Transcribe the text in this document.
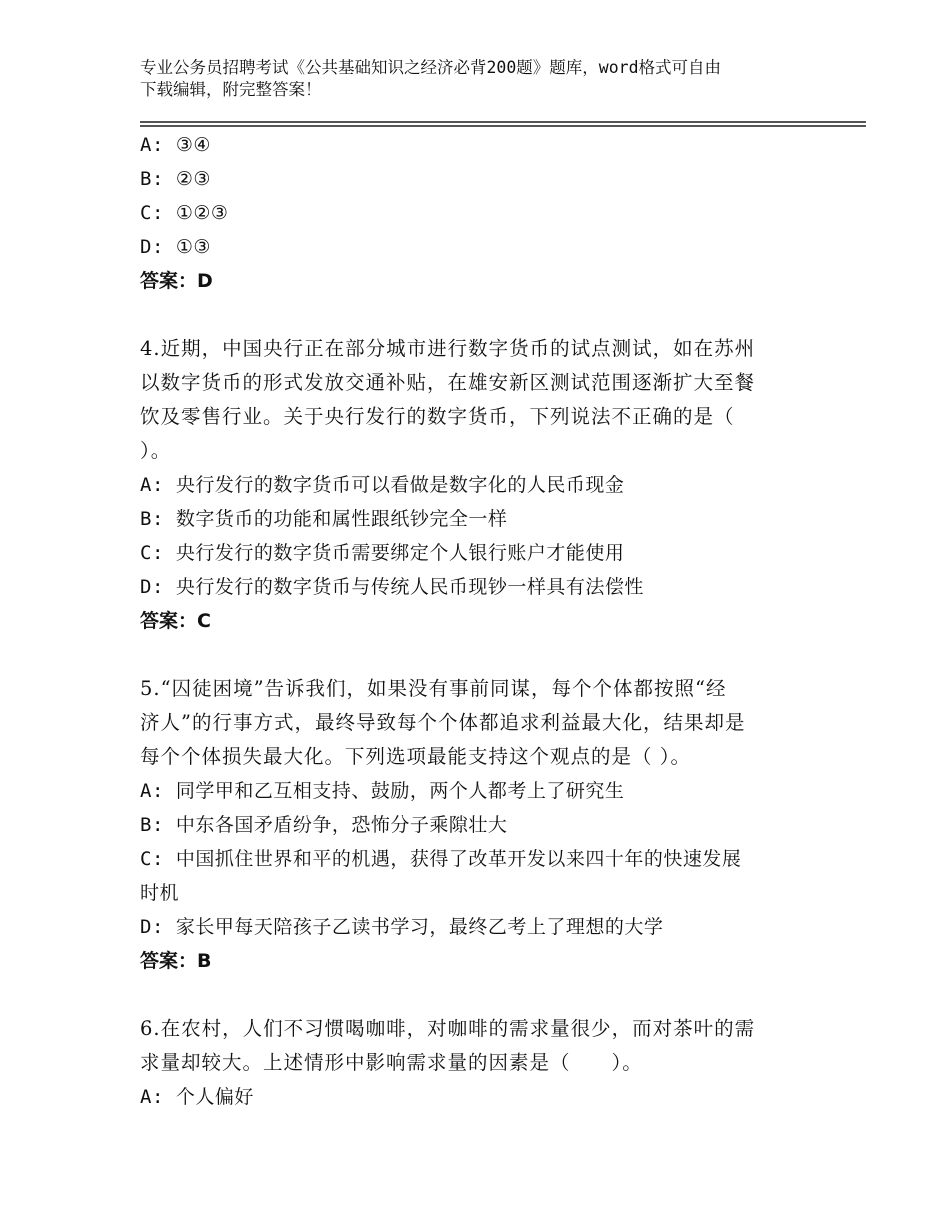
专业公务员招聘考试《公共基础知识之经济必背200题》题库，word格式可自由
下载编辑，附完整答案！
A: ③④
B: ②③
C: ①②③
D: ①③
答案：D
4.近期，中国央行正在部分城市进行数字货币的试点测试，如在苏州
以数字货币的形式发放交通补贴，在雄安新区测试范围逐渐扩大至餐
饮及零售行业。关于央行发行的数字货币，下列说法不正确的是（
）。
A: 央行发行的数字货币可以看做是数字化的人民币现金
B: 数字货币的功能和属性跟纸钞完全一样
C: 央行发行的数字货币需要绑定个人银行账户才能使用
D: 央行发行的数字货币与传统人民币现钞一样具有法偿性
答案：C
5.“囚徒困境”告诉我们，如果没有事前同谋，每个个体都按照“经
济人”的行事方式，最终导致每个个体都追求利益最大化，结果却是
每个个体损失最大化。下列选项最能支持这个观点的是（ ）。
A: 同学甲和乙互相支持、鼓励，两个人都考上了研究生
B: 中东各国矛盾纷争，恐怖分子乘隙壮大
C: 中国抓住世界和平的机遇，获得了改革开发以来四十年的快速发展
时机
D: 家长甲每天陪孩子乙读书学习，最终乙考上了理想的大学
答案：B
6.在农村，人们不习惯喝咖啡，对咖啡的需求量很少，而对茶叶的需
求量却较大。上述情形中影响需求量的因素是（　　）。
A: 个人偏好
